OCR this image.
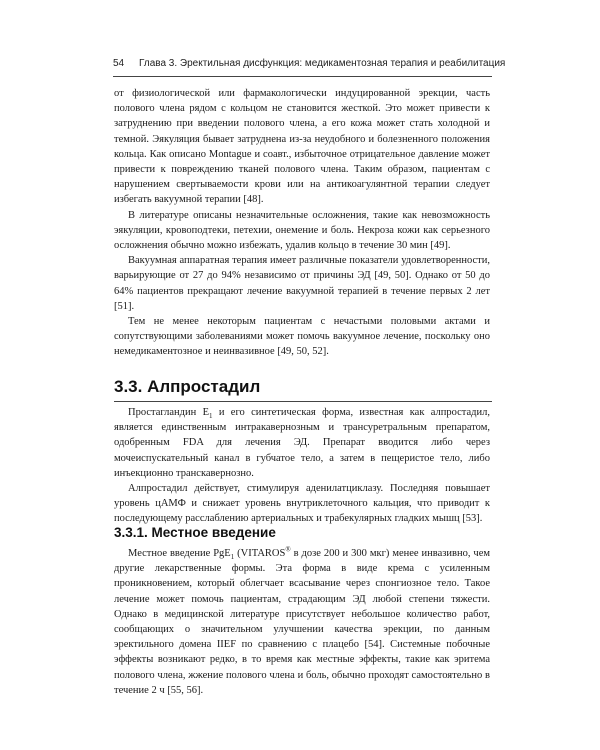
54 Глава 3. Эректильная дисфункция: медикаментозная терапия и реабилитация

от физиологической или фармакологически индуцированной эрекции, часть полового члена рядом с кольцом не становится жесткой. Это может привести к затруднению при введении полового члена, а его кожа может стать холодной и темной. Эякуляция бывает затруднена из-за неудобного и болезненного положения кольца. Как описано Montague и соавт., избыточное отрицательное давление может привести к повреждению тканей полового члена. Таким образом, пациентам с нарушением свертываемости крови или на антикоагулянтной терапии следует избегать вакуумной терапии [48].

В литературе описаны незначительные осложнения, такие как невозможность эякуляции, кровоподтеки, петехии, онемение и боль. Некроза кожи как серьезного осложнения обычно можно избежать, удалив кольцо в течение 30 мин [49].

Вакуумная аппаратная терапия имеет различные показатели удовлетворенности, варьирующие от 27 до 94% независимо от причины ЭД [49, 50]. Однако от 50 до 64% пациентов прекращают лечение вакуумной терапией в течение первых 2 лет [51].

Тем не менее некоторым пациентам с нечастыми половыми актами и сопутствующими заболеваниями может помочь вакуумное лечение, поскольку оно немедикаментозное и неинвазивное [49, 50, 52].

3.3. Алпростадил

Простагландин $E_1$ и его синтетическая форма, известная как алпростадил, является единственным интракавернозным и трансуретральным препаратом, одобренным FDA для лечения ЭД. Препарат вводится либо через мочеиспускательный канал в губчатое тело, а затем в пещеристое тело, либо инъекционно транскавернозно.

Алпростадил действует, стимулируя аденилатциклазу. Последняя повышает уровень цАМФ и снижает уровень внутриклеточного кальция, что приводит к последующему расслаблению артериальных и трабекулярных гладких мышц [53].

3.3.1. Местное введение

Местное введение PgE$_1$ (VITAROS® в дозе 200 и 300 мкг) менее инвазивно, чем другие лекарственные формы. Эта форма в виде крема с усиленным проникновением, который облегчает всасывание через спонгиозное тело. Такое лечение может помочь пациентам, страдающим ЭД любой степени тяжести. Однако в медицинской литературе присутствует небольшое количество работ, сообщающих о значительном улучшении качества эрекции, по данным эректильного домена IIEF по сравнению с плацебо [54]. Системные побочные эффекты возникают редко, в то время как местные эффекты, такие как эритема полового члена, жжение полового члена и боль, обычно проходят самостоятельно в течение 2 ч [55, 56].
